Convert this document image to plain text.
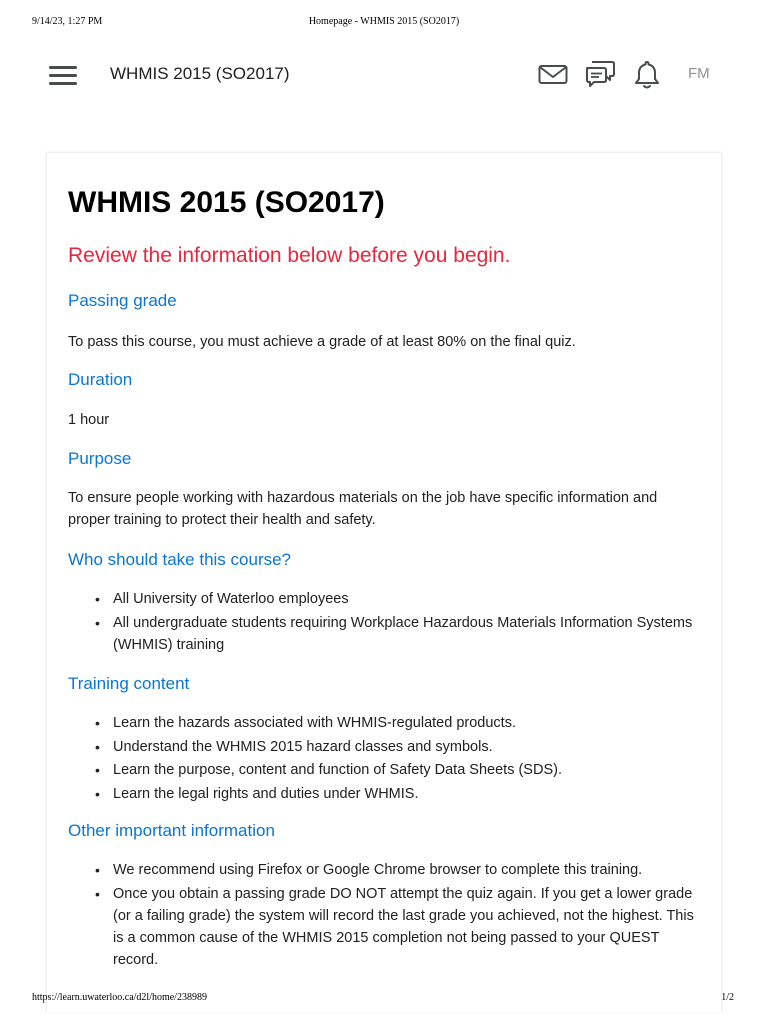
9/14/23, 1:27 PM	Homepage - WHMIS 2015 (SO2017)
WHMIS 2015 (SO2017)	FM
WHMIS 2015 (SO2017)
Review the information below before you begin.
Passing grade

To pass this course, you must achieve a grade of at least 80% on the final quiz.

Duration

1 hour

Purpose

To ensure people working with hazardous materials on the job have specific information and proper training to protect their health and safety.

Who should take this course?
• All University of Waterloo employees
• All undergraduate students requiring Workplace Hazardous Materials Information Systems (WHMIS) training
Training content
• Learn the hazards associated with WHMIS-regulated products.
• Understand the WHMIS 2015 hazard classes and symbols.
• Learn the purpose, content and function of Safety Data Sheets (SDS).
• Learn the legal rights and duties under WHMIS.
Other important information
• We recommend using Firefox or Google Chrome browser to complete this training.
• Once you obtain a passing grade DO NOT attempt the quiz again. If you get a lower grade (or a failing grade) the system will record the last grade you achieved, not the highest. This is a common cause of the WHMIS 2015 completion not being passed to your QUEST record.
https://learn.uwaterloo.ca/d2l/home/238989	1/2
